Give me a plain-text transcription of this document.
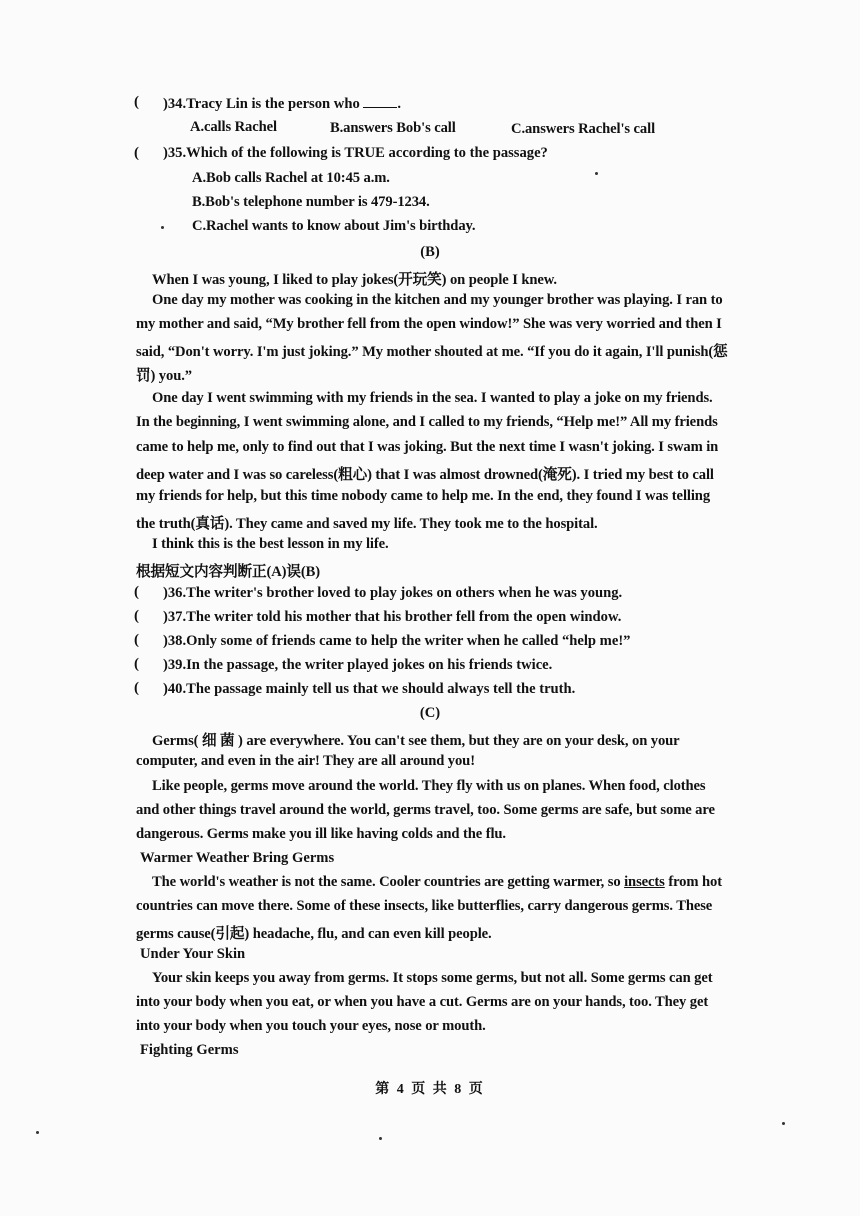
( )34.Tracy Lin is the person who	.
A.calls Rachel	B.answers Bob's call	C.answers Rachel's call
( )35.Which of the following is TRUE according to the passage?
A.Bob calls Rachel at 10:45 a.m.
B.Bob's telephone number is 479-1234.
C.Rachel wants to know about Jim's birthday.
(B)
When I was young, I liked to play jokes(开玩笑) on people I knew.
One day my mother was cooking in the kitchen and my younger brother was playing. I ran to
my mother and said, “My brother fell from the open window!” She was very worried and then I
said, “Don't worry. I'm just joking.” My mother shouted at me. “If you do it again, I'll punish(惩
罚) you.”
One day I went swimming with my friends in the sea. I wanted to play a joke on my friends.
In the beginning, I went swimming alone, and I called to my friends, “Help me!” All my friends
came to help me, only to find out that I was joking. But the next time I wasn't joking. I swam in
deep water and I was so careless(粗心) that I was almost drowned(淹死). I tried my best to call
my friends for help, but this time nobody came to help me. In the end, they found I was telling
the truth(真话). They came and saved my life. They took me to the hospital.
I think this is the best lesson in my life.
根据短文内容判断正(A)误(B)
( )36.The writer's brother loved to play jokes on others when he was young.
( )37.The writer told his mother that his brother fell from the open window.
( )38.Only some of friends came to help the writer when he called “help me!”
( )39.In the passage, the writer played jokes on his friends twice.
( )40.The passage mainly tell us that we should always tell the truth.
(C)
Germs( 细 菌 ) are everywhere. You can't see them, but they are on your desk, on your
computer, and even in the air! They are all around you!
Like people, germs move around the world. They fly with us on planes. When food, clothes
and other things travel around the world, germs travel, too. Some germs are safe, but some are
dangerous. Germs make you ill like having colds and the flu.
Warmer Weather Bring Germs
The world's weather is not the same. Cooler countries are getting warmer, so insects from hot
countries can move there. Some of these insects, like butterflies, carry dangerous germs. These
germs cause(引起) headache, flu, and can even kill people.
Under Your Skin
Your skin keeps you away from germs. It stops some germs, but not all. Some germs can get
into your body when you eat, or when you have a cut. Germs are on your hands, too. They get
into your body when you touch your eyes, nose or mouth.
Fighting Germs
第 4 页 共 8 页
